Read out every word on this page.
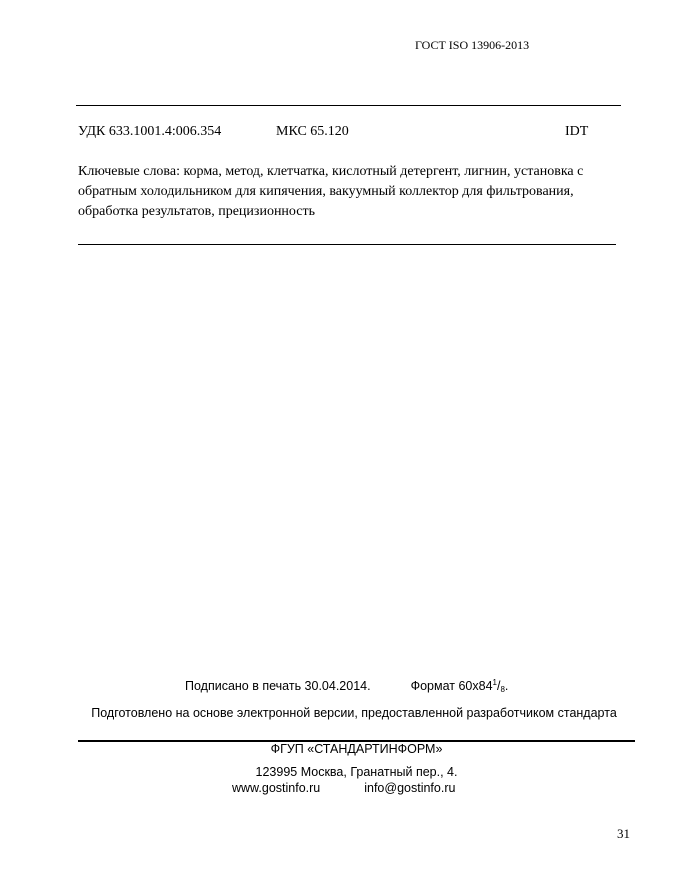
ГОСТ ISO 13906-2013
УДК 633.1001.4:006.354	МКС 65.120	IDT
Ключевые слова: корма, метод, клетчатка, кислотный детергент, лигнин, установка с обратным холодильником для кипячения, вакуумный коллектор для фильтрования, обработка результатов, прецизионность
Подписано в печать 30.04.2014.	Формат $60x84^1/_8$.
Подготовлено на основе электронной версии, предоставленной разработчиком стандарта
ФГУП «СТАНДАРТИНФОРМ»
123995 Москва, Гранатный пер., 4.
www.gostinfo.ru	info@gostinfo.ru
31
